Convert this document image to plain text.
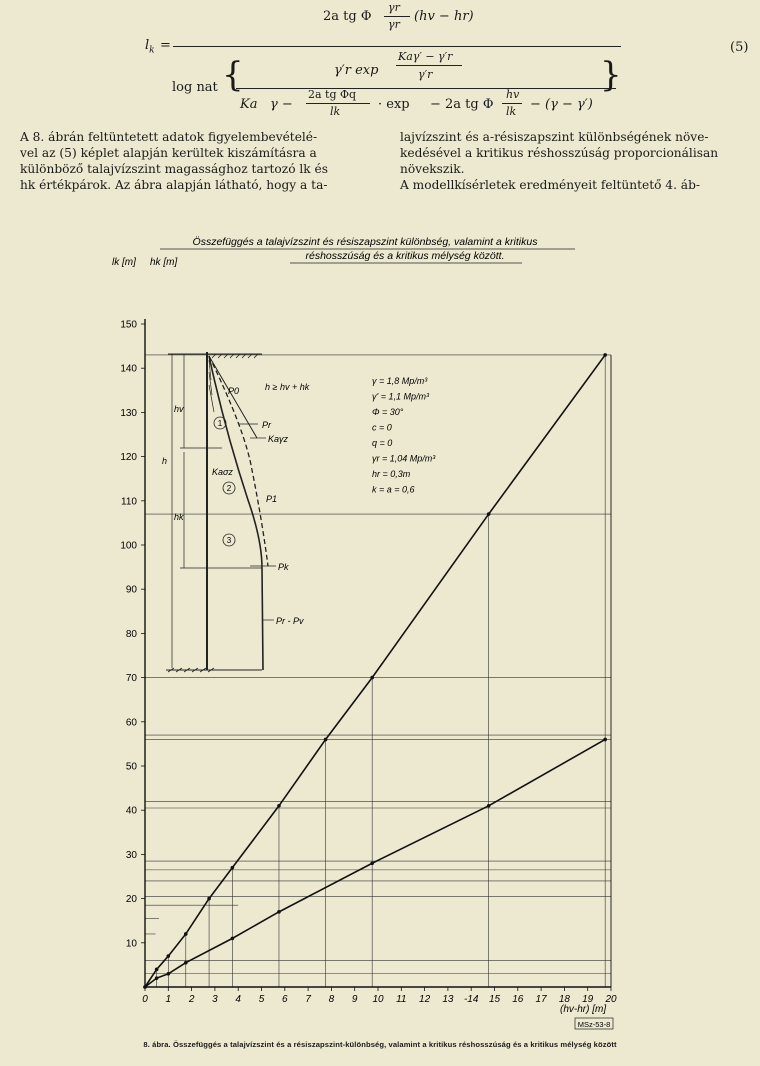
$l_k$ =
2a tg Φ
γr
γr
(hv − hr)
log nat {	}
γ′r exp
Kaγ′ − γ′r
γ′r
Ka γ −
2a tg Φq
lk	· exp − 2a tg Φ
hv
lk − (γ − γ′)
(5)
A 8. ábrán feltüntetett adatok figyelembevételé-
vel az (5) képlet alapján kerültek kiszámításra a
különböző talajvízszint magassághoz tartozó lk és
hk értékpárok. Az ábra alapján látható, hogy a ta-
lajvízszint és a-résiszapszint különbségének növe-
kedésével a kritikus réshosszúság proporcionálisan
növekszik.
A modellkísérletek eredményeit feltüntető 4. áb-
Összefüggés a talajvízszint és résiszapszint különbség, valamint a kritikus
réshosszúság és a kritikus mélység között.
lk [m] hk [m]
(hv-hr) [m]
MSz-53-8
0 1 2 3 4 5 6 7 8 9 10 11 12 13 -14 15 16 17 18 19 20
10
20
30
40
50
60
70
80
90
100
110
120
130
140
150
1
2
3
P0
Pr
Kaγz
Kaσz
P1
Pk
Pr - Pv
hv
h
hk
h ≥ hv + hk
γ = 1,8 Mp/m³
γ' = 1,1 Mp/m³
Φ = 30°
c = 0
q = 0
γr = 1,04 Mp/m³
hr = 0,3m
k = a = 0,6
8. ábra. Összefüggés a talajvízszint és a résiszapszint-különbség, valamint a kritikus réshosszúság és a kritikus mélység között
